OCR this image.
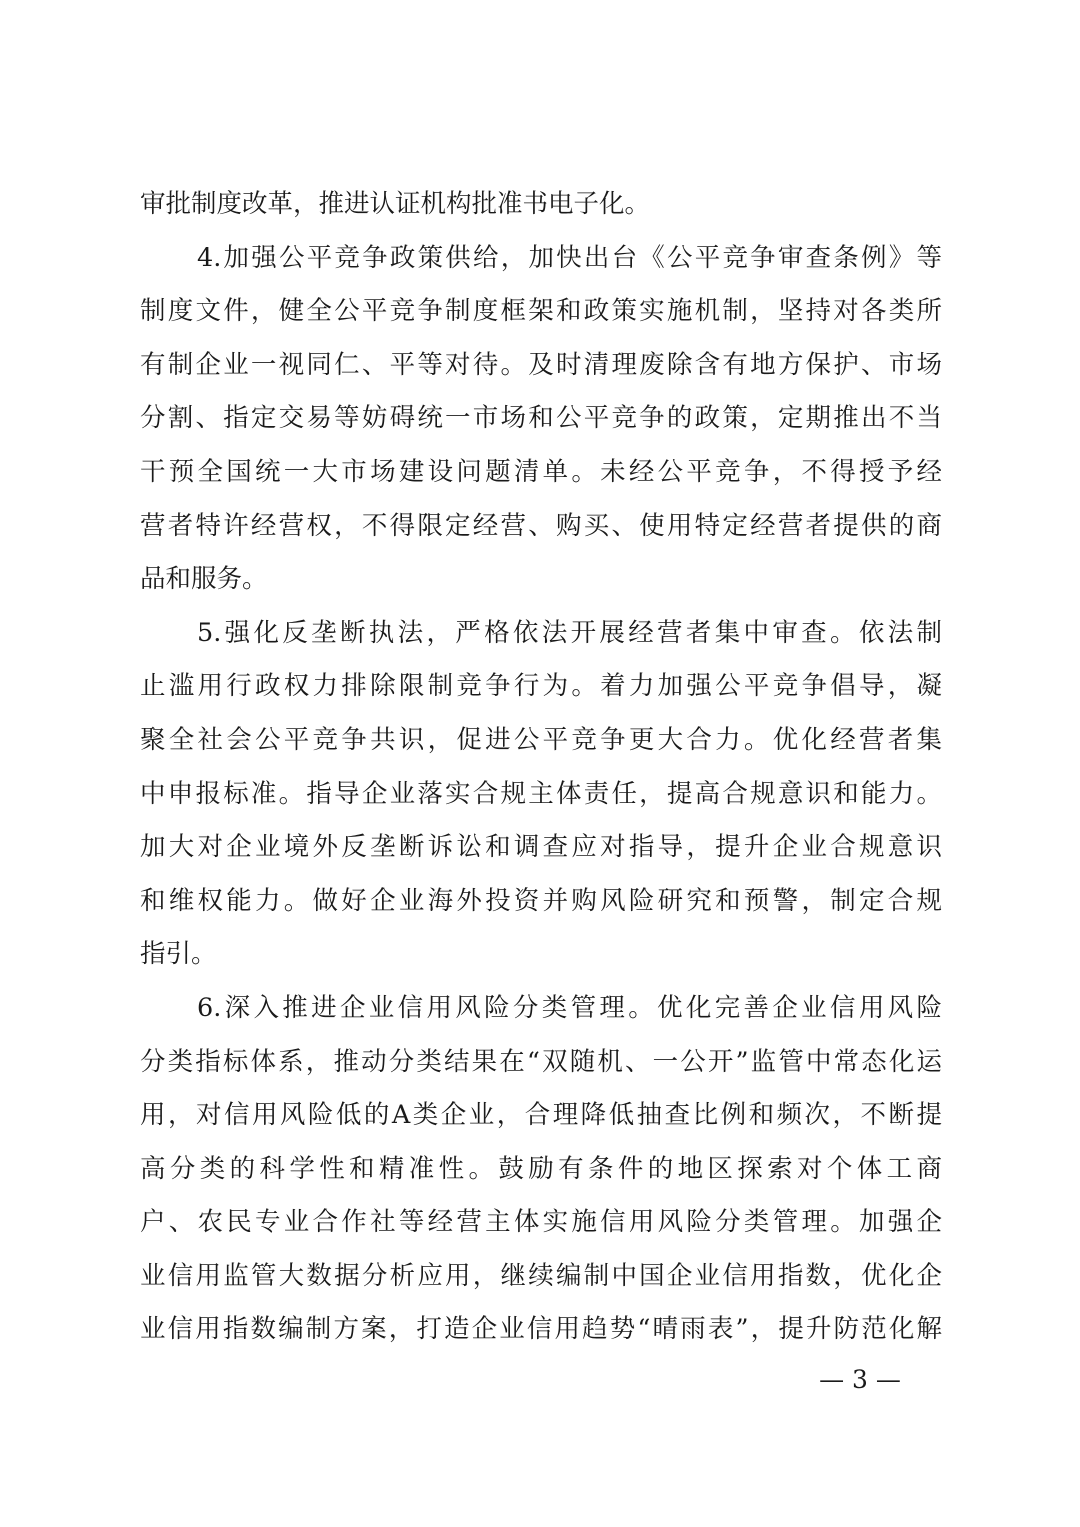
审批制度改革，推进认证机构批准书电子化。
4.加强公平竞争政策供给，加快出台《公平竞争审查条例》等
制度文件，健全公平竞争制度框架和政策实施机制，坚持对各类所
有制企业一视同仁、平等对待。及时清理废除含有地方保护、市场
分割、指定交易等妨碍统一市场和公平竞争的政策，定期推出不当
干预全国统一大市场建设问题清单。未经公平竞争，不得授予经
营者特许经营权，不得限定经营、购买、使用特定经营者提供的商
品和服务。
5.强化反垄断执法，严格依法开展经营者集中审查。依法制
止滥用行政权力排除限制竞争行为。着力加强公平竞争倡导，凝
聚全社会公平竞争共识，促进公平竞争更大合力。优化经营者集
中申报标准。指导企业落实合规主体责任，提高合规意识和能力。
加大对企业境外反垄断诉讼和调查应对指导，提升企业合规意识
和维权能力。做好企业海外投资并购风险研究和预警，制定合规
指引。
6.深入推进企业信用风险分类管理。优化完善企业信用风险
分类指标体系，推动分类结果在“双随机、一公开”监管中常态化运
用，对信用风险低的A类企业，合理降低抽查比例和频次，不断提
高分类的科学性和精准性。鼓励有条件的地区探索对个体工商
户、农民专业合作社等经营主体实施信用风险分类管理。加强企
业信用监管大数据分析应用，继续编制中国企业信用指数，优化企
业信用指数编制方案，打造企业信用趋势“晴雨表”，提升防范化解
— 3 —
